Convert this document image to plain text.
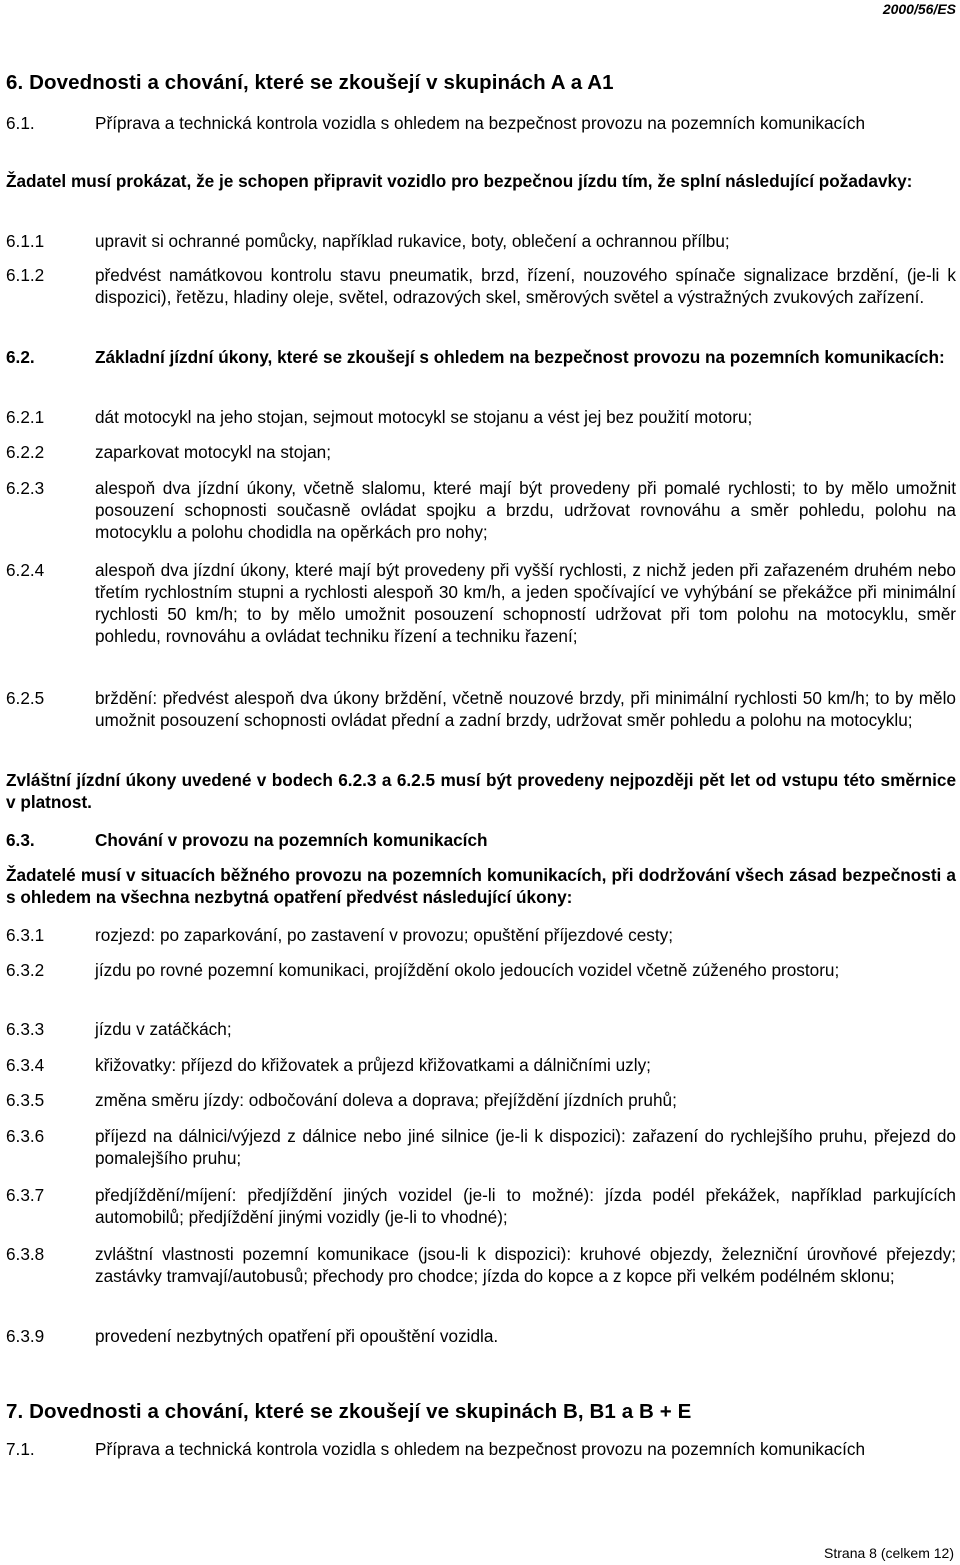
2000/56/ES
6. Dovednosti a chování, které se zkoušejí v skupinách A a A1
6.1.	Příprava a technická kontrola vozidla s ohledem na bezpečnost provozu na pozemních komunikacích
Žadatel musí prokázat, že je schopen připravit vozidlo pro bezpečnou jízdu tím, že splní následující požadavky:
6.1.1	upravit si ochranné pomůcky, například rukavice, boty, oblečení a ochrannou přílbu;
6.1.2	předvést namátkovou kontrolu stavu pneumatik, brzd, řízení, nouzového spínače signalizace brzdění, (je-li k dispozici), řetězu, hladiny oleje, světel, odrazových skel, směrových světel a výstražných zvukových zařízení.
6.2.	Základní jízdní úkony, které se zkoušejí s ohledem na bezpečnost provozu na pozemních komunikacích:
6.2.1	dát motocykl na jeho stojan, sejmout motocykl se stojanu a vést jej bez použití motoru;
6.2.2	zaparkovat motocykl na stojan;
6.2.3	alespoň dva jízdní úkony, včetně slalomu, které mají být provedeny při pomalé rychlosti; to by mělo umožnit posouzení schopnosti současně ovládat spojku a brzdu, udržovat rovnováhu a směr pohledu, polohu na motocyklu a polohu chodidla na opěrkách pro nohy;
6.2.4	alespoň dva jízdní úkony, které mají být provedeny při vyšší rychlosti, z nichž jeden při zařazeném druhém nebo třetím rychlostním stupni a rychlosti alespoň 30 km/h, a jeden spočívající ve vyhýbání se překážce při minimální rychlosti 50 km/h; to by mělo umožnit posouzení schopností udržovat při tom polohu na motocyklu, směr pohledu, rovnováhu a ovládat techniku řízení a techniku řazení;
6.2.5	brždění: předvést alespoň dva úkony brždění, včetně nouzové brzdy, při minimální rychlosti 50 km/h; to by mělo umožnit posouzení schopnosti ovládat přední a zadní brzdy, udržovat směr pohledu a polohu na motocyklu;
Zvláštní jízdní úkony uvedené v bodech 6.2.3 a 6.2.5 musí být provedeny nejpozději pět let od vstupu této směrnice v platnost.
6.3.	Chování v provozu na pozemních komunikacích
Žadatelé musí v situacích běžného provozu na pozemních komunikacích, při dodržování všech zásad bezpečnosti a s ohledem na všechna nezbytná opatření předvést následující úkony:
6.3.1	rozjezd: po zaparkování, po zastavení v provozu; opuštění příjezdové cesty;
6.3.2	jízdu po rovné pozemní komunikaci, projíždění okolo jedoucích vozidel včetně zúženého prostoru;
6.3.3	jízdu v zatáčkách;
6.3.4	křižovatky: příjezd do křižovatek a průjezd křižovatkami a dálničními uzly;
6.3.5	změna směru jízdy: odbočování doleva a doprava; přejíždění jízdních pruhů;
6.3.6	příjezd na dálnici/výjezd z dálnice nebo jiné silnice (je-li k dispozici): zařazení do rychlejšího pruhu, přejezd do pomalejšího pruhu;
6.3.7	předjíždění/míjení: předjíždění jiných vozidel (je-li to možné): jízda podél překážek, například parkujících automobilů; předjíždění jinými vozidly (je-li to vhodné);
6.3.8	zvláštní vlastnosti pozemní komunikace (jsou-li k dispozici): kruhové objezdy, železniční úrovňové přejezdy; zastávky tramvají/autobusů; přechody pro chodce; jízda do kopce a z kopce při velkém podélném sklonu;
6.3.9	provedení nezbytných opatření při opouštění vozidla.
7. Dovednosti a chování, které se zkoušejí ve skupinách B, B1 a B + E
7.1.	Příprava a technická kontrola vozidla s ohledem na bezpečnost provozu na pozemních komunikacích
Strana 8 (celkem 12)
